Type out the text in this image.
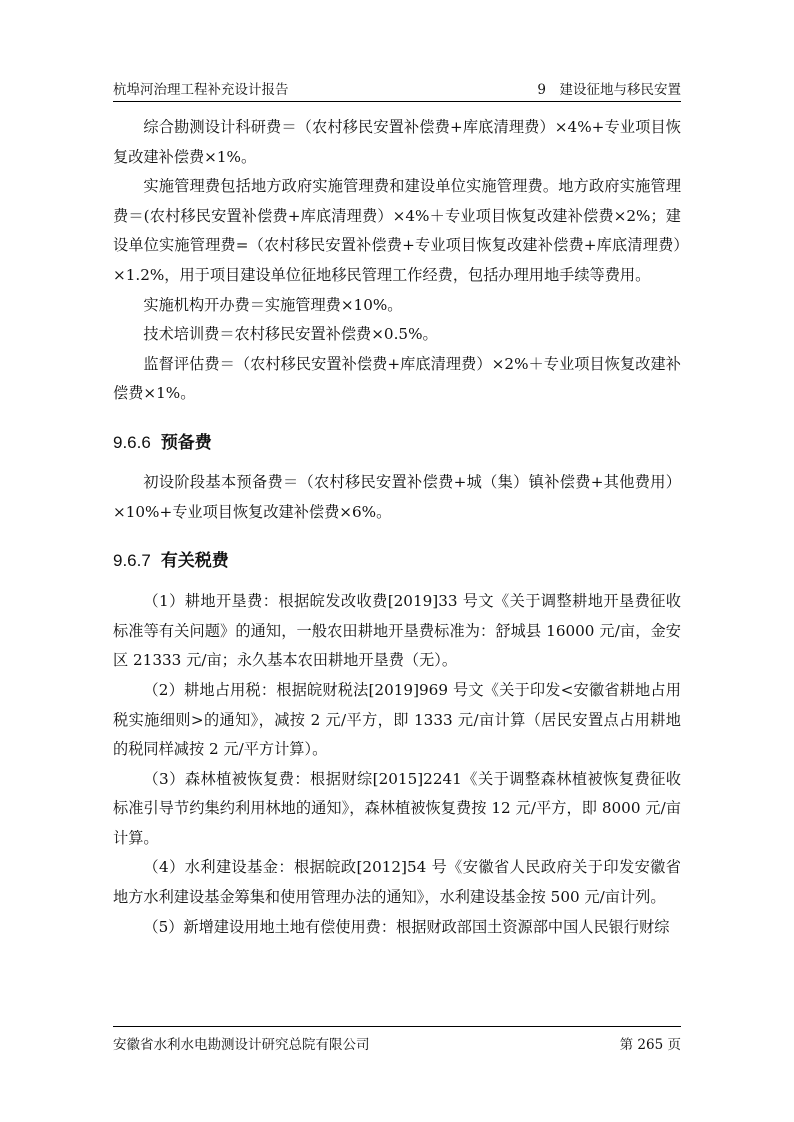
杭埠河治理工程补充设计报告	9　建设征地与移民安置

综合勘测设计科研费＝（农村移民安置补偿费+库底清理费）×4%+专业项目恢复改建补偿费×1%。

实施管理费包括地方政府实施管理费和建设单位实施管理费。地方政府实施管理费＝(农村移民安置补偿费+库底清理费）×4%＋专业项目恢复改建补偿费×2%；建设单位实施管理费=（农村移民安置补偿费+专业项目恢复改建补偿费+库底清理费）×1.2%，用于项目建设单位征地移民管理工作经费，包括办理用地手续等费用。

实施机构开办费＝实施管理费×10%。

技术培训费＝农村移民安置补偿费×0.5%。

监督评估费＝（农村移民安置补偿费+库底清理费）×2%＋专业项目恢复改建补偿费×1%。

9.6.6 预备费

初设阶段基本预备费＝（农村移民安置补偿费+城（集）镇补偿费+其他费用）×10%+专业项目恢复改建补偿费×6%。

9.6.7 有关税费

（1）耕地开垦费：根据皖发改收费[2019]33 号文《关于调整耕地开垦费征收标准等有关问题》的通知，一般农田耕地开垦费标准为：舒城县 16000 元/亩，金安区 21333 元/亩；永久基本农田耕地开垦费（无）。

（2）耕地占用税：根据皖财税法[2019]969 号文《关于印发<安徽省耕地占用税实施细则>的通知》，减按 2 元/平方，即 1333 元/亩计算（居民安置点占用耕地的税同样减按 2 元/平方计算）。

（3）森林植被恢复费：根据财综[2015]2241《关于调整森林植被恢复费征收标准引导节约集约利用林地的通知》，森林植被恢复费按 12 元/平方，即 8000 元/亩计算。

（4）水利建设基金：根据皖政[2012]54 号《安徽省人民政府关于印发安徽省地方水利建设基金筹集和使用管理办法的通知》，水利建设基金按 500 元/亩计列。

（5）新增建设用地土地有偿使用费：根据财政部国土资源部中国人民银行财综

安徽省水利水电勘测设计研究总院有限公司	第 265 页
